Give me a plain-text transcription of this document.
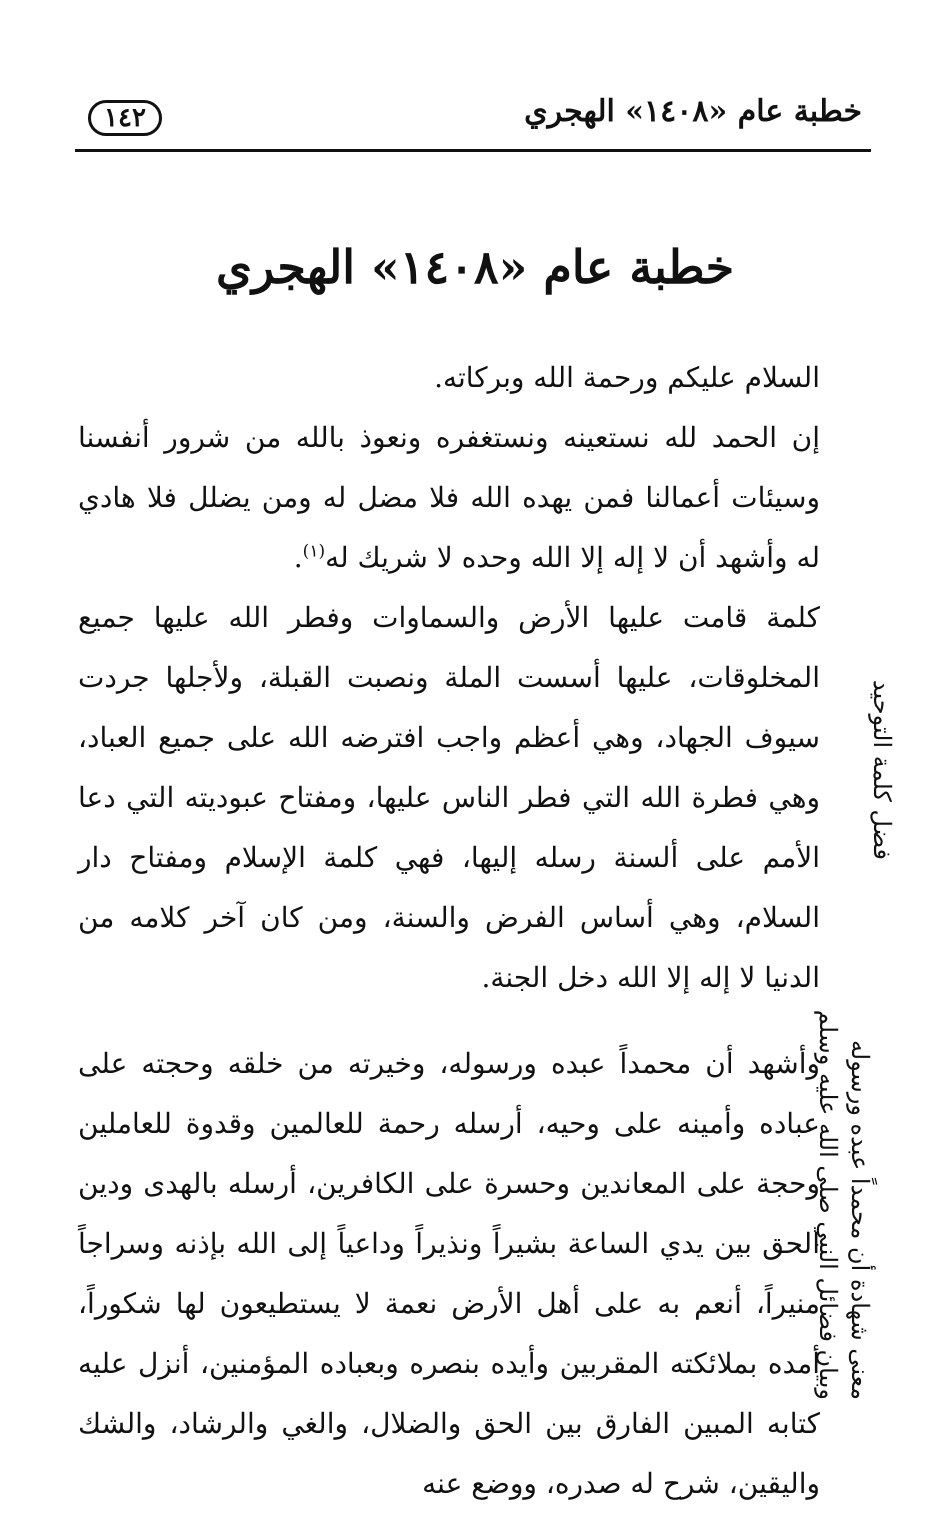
خطبة عام «١٤٠٨» الهجري
١٤٢
خطبة عام «١٤٠٨» الهجري

السلام عليكم ورحمة الله وبركاته.

إن الحمد لله نستعينه ونستغفره ونعوذ بالله من شرور أنفسنا وسيئات أعمالنا فمن يهده الله فلا مضل له ومن يضلل فلا هادي له وأشهد أن لا إله إلا الله وحده لا شريك له$^{(١)}$.

كلمة قامت عليها الأرض والسماوات وفطر الله عليها جميع المخلوقات، عليها أسست الملة ونصبت القبلة، ولأجلها جردت سيوف الجهاد، وهي أعظم واجب افترضه الله على جميع العباد، وهي فطرة الله التي فطر الناس عليها، ومفتاح عبوديته التي دعا الأمم على ألسنة رسله إليها، فهي كلمة الإسلام ومفتاح دار السلام، وهي أساس الفرض والسنة، ومن كان آخر كلامه من الدنيا لا إله إلا الله دخل الجنة.

وأشهد أن محمداً عبده ورسوله، وخيرته من خلقه وحجته على عباده وأمينه على وحيه، أرسله رحمة للعالمين وقدوة للعاملين وحجة على المعاندين وحسرة على الكافرين، أرسله بالهدى ودين الحق بين يدي الساعة بشيراً ونذيراً وداعياً إلى الله بإذنه وسراجاً منيراً، أنعم به على أهل الأرض نعمة لا يستطيعون لها شكوراً، أمده بملائكته المقربين وأيده بنصره وبعباده المؤمنين، أنزل عليه كتابه المبين الفارق بين الحق والضلال، والغي والرشاد، والشك واليقين، شرح له صدره، ووضع عنه

فضل كلمة التوحيد
معنى شهادة أن محمداً عبده ورسوله
وبيان فضائل النبي صلى الله عليه وسلم
